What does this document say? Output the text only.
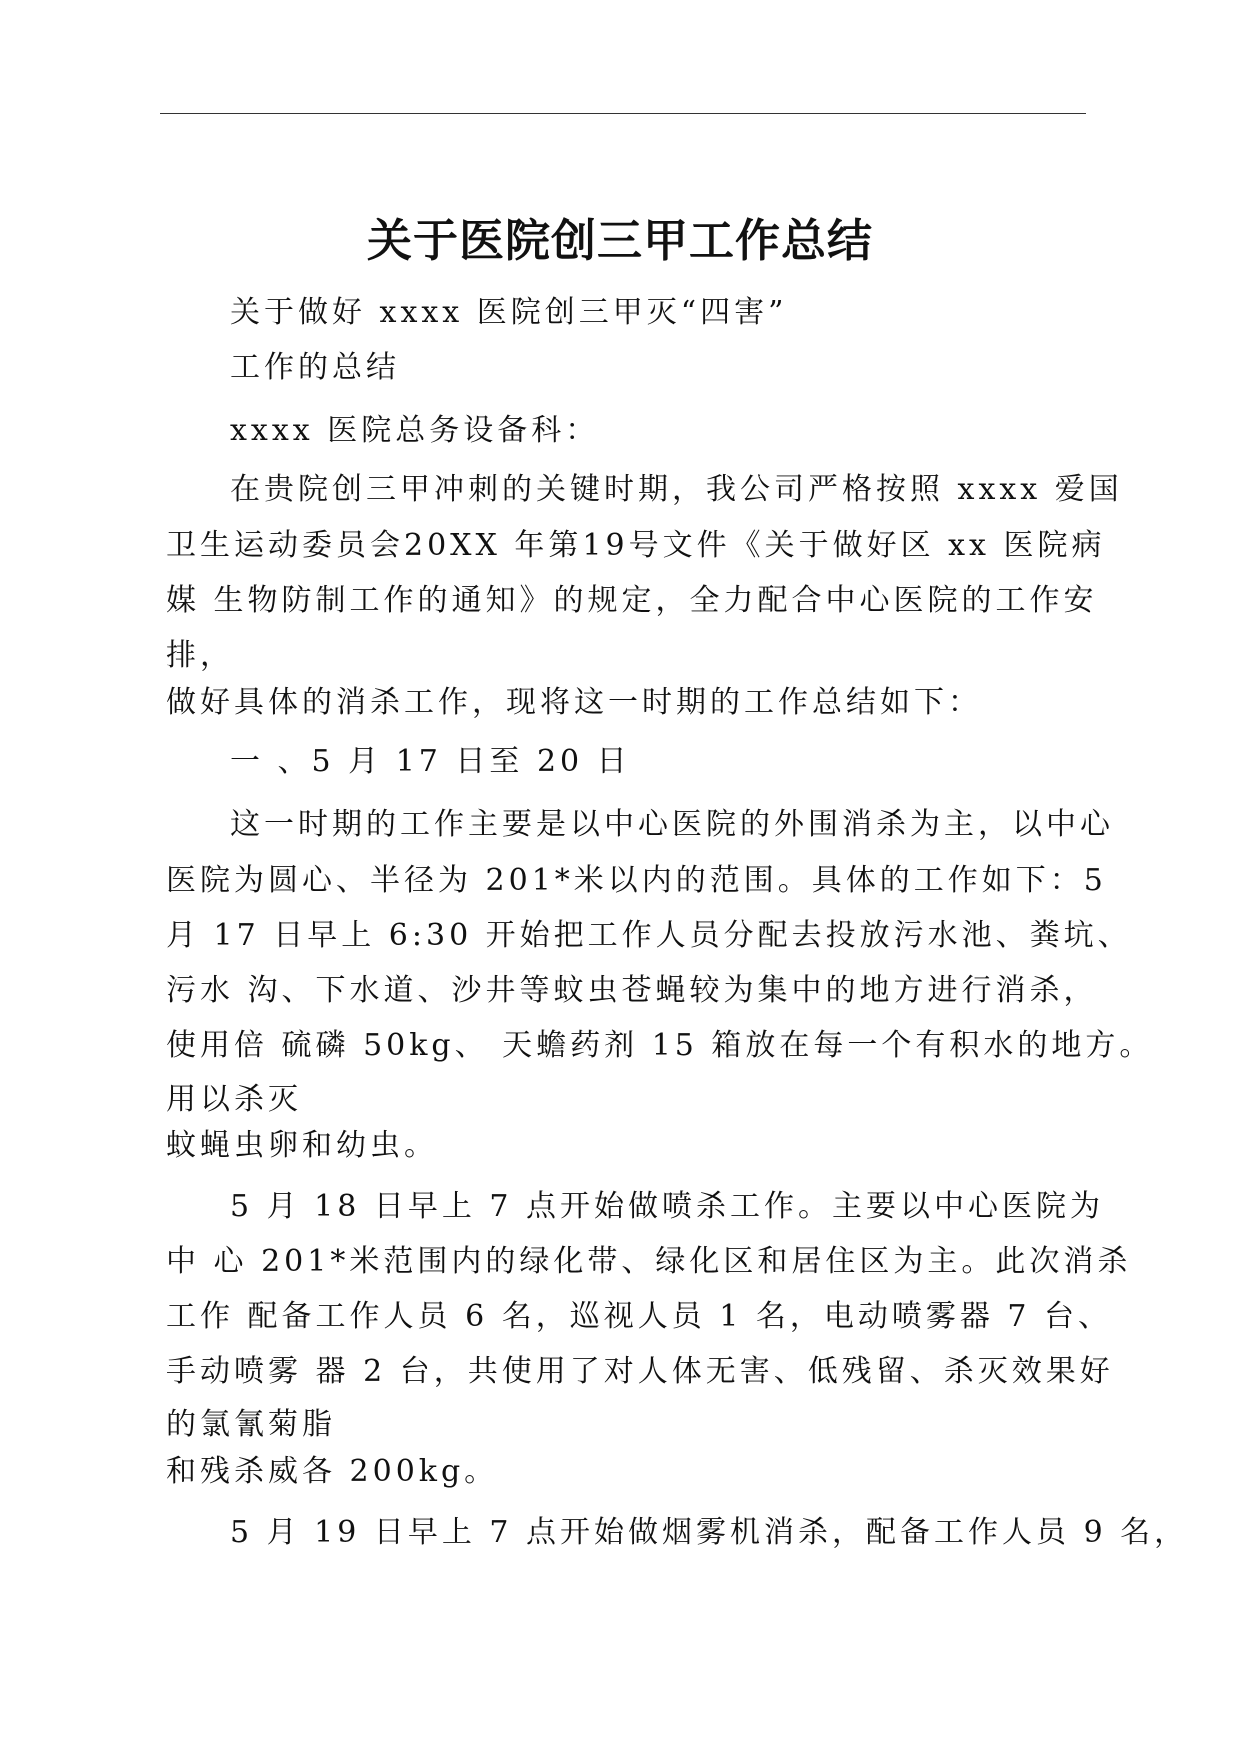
关于医院创三甲工作总结
关于做好 xxxx 医院创三甲灭“四害”
工作的总结
xxxx 医院总务设备科：
在贵院创三甲冲刺的关键时期，我公司严格按照 xxxx 爱国
卫生运动委员会20XX 年第19号文件《关于做好区 xx 医院病
媒 生物防制工作的通知》的规定，全力配合中心医院的工作安
排，
做好具体的消杀工作，现将这一时期的工作总结如下：
一 、5 月 17 日至 20 日
这一时期的工作主要是以中心医院的外围消杀为主，以中心
医院为圆心、半径为 201*米以内的范围。具体的工作如下：5
月 17 日早上 6:30 开始把工作人员分配去投放污水池、粪坑、
污水 沟、下水道、沙井等蚊虫苍蝇较为集中的地方进行消杀，
使用倍 硫磷 50kg、 天蟾药剂 15 箱放在每一个有积水的地方。
用以杀灭
蚊蝇虫卵和幼虫。
5 月 18 日早上 7 点开始做喷杀工作。主要以中心医院为
中 心 201*米范围内的绿化带、绿化区和居住区为主。此次消杀
工作 配备工作人员 6 名，巡视人员 1 名，电动喷雾器 7 台、
手动喷雾 器 2 台，共使用了对人体无害、低残留、杀灭效果好
的氯氰菊脂
和残杀威各 200kg。
5 月 19 日早上 7 点开始做烟雾机消杀，配备工作人员 9 名，
